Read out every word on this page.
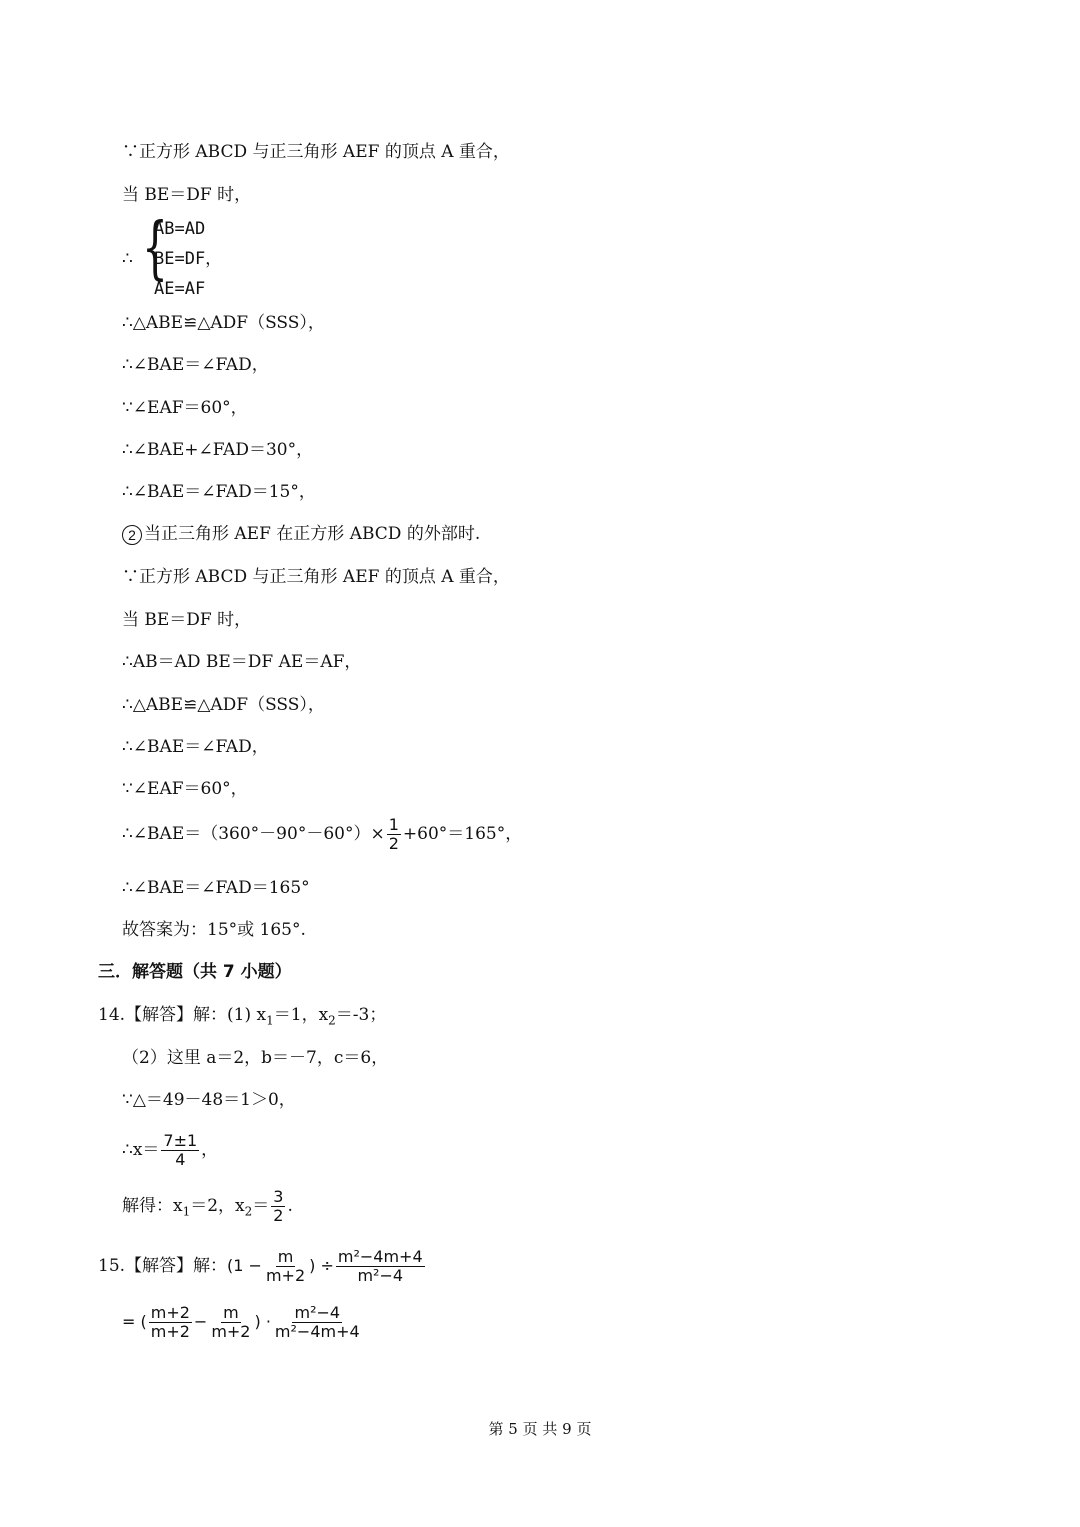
∵正方形 ABCD 与正三角形 AEF 的顶点 A 重合，
当 BE＝DF 时，
∴ {
AB=AD
BE=DF，
AE=AF
∴△ABE≌△ADF（SSS），
∴∠BAE＝∠FAD，
∵∠EAF＝60°，
∴∠BAE+∠FAD＝30°，
∴∠BAE＝∠FAD＝15°，
2 当正三角形 AEF 在正方形 ABCD 的外部时.
∵正方形 ABCD 与正三角形 AEF 的顶点 A 重合，
当 BE＝DF 时，
∴AB＝AD BE＝DF AE＝AF，
∴△ABE≌△ADF（SSS），
∴∠BAE＝∠FAD，
∵∠EAF＝60°，
∴∠BAE＝（360°－90°－60°）× $\frac{1}{2} +60^\circ=165^\circ$，
∴∠BAE＝∠FAD＝165°
故答案为：15°或 165°.
三．解答题（共 7 小题）
14.【解答】解：(1) $x_1=1$，$x_2=-3$；
（2）这里 a＝2，b＝－7，c＝6，
∵△＝49－48＝1＞0，
∴x＝ $\frac{7\pm 1}{4}$ ，
解得：$x_1=2$，$x_2= \frac{3}{2}$ .
15.【解答】解：($1 - \frac{m}{m+2}$ ) ÷ $\frac{\text{m²−4m+4}}{\text{m²−4}}$
= ( $\frac{m+2}{m+2} - \frac{m}{m+2}$ ) · $\frac{\text{m²−4}}{\text{m²−4m+4}}$
第 5 页 共 9 页
